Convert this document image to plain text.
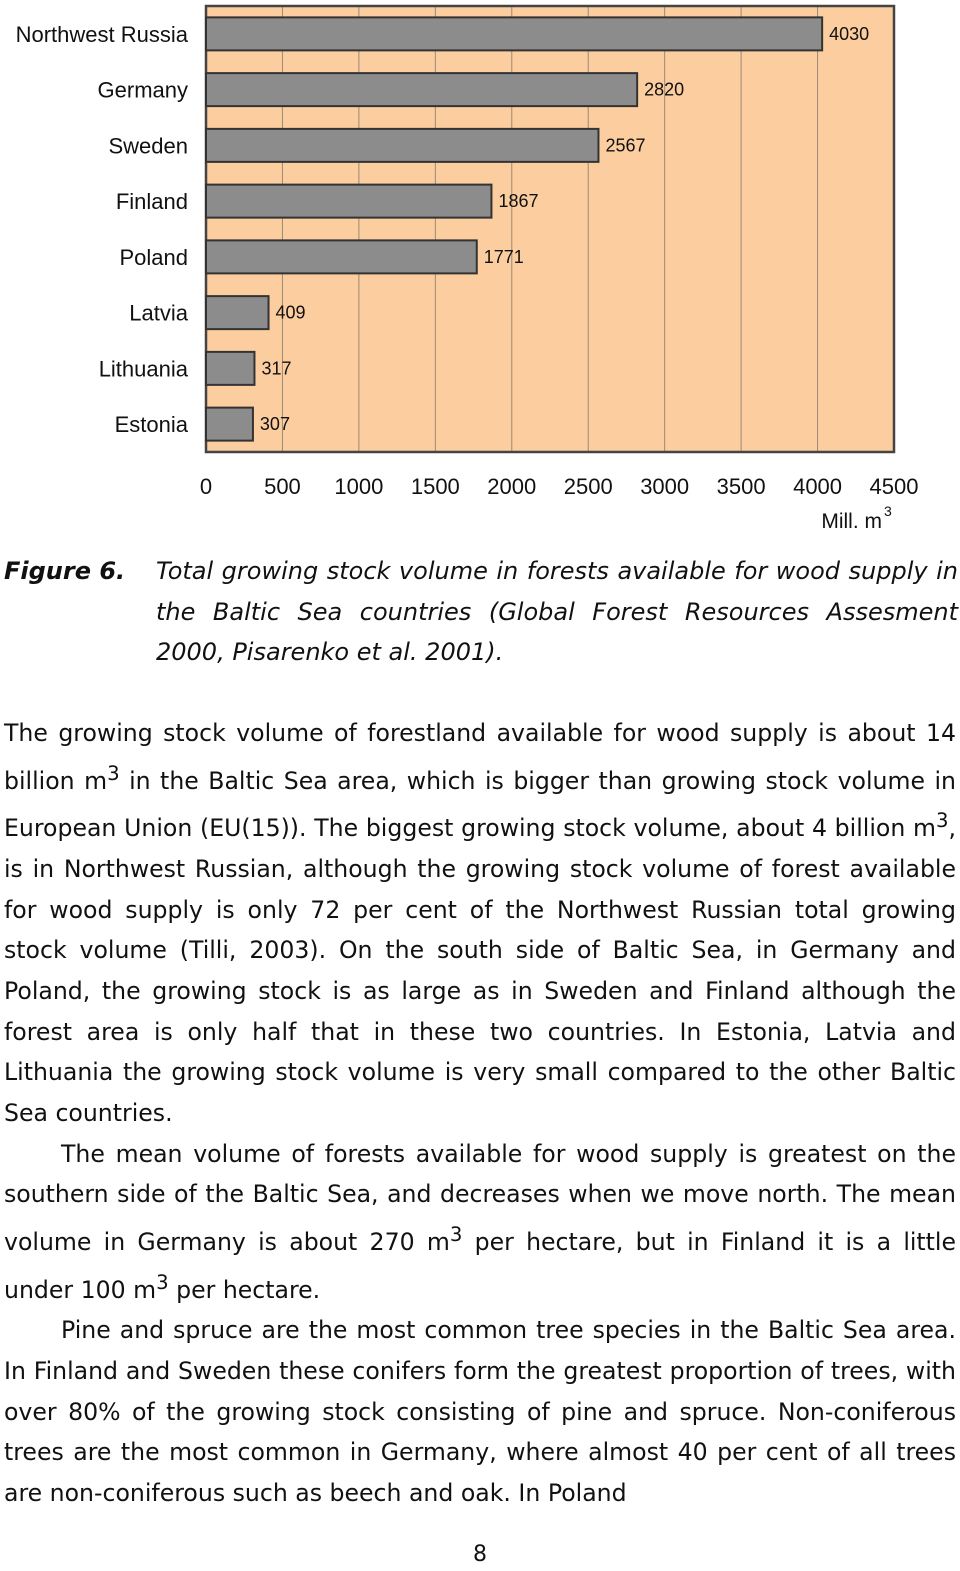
Northwest Russia	4030
Germany	2820
Sweden	2567
Finland	1867
Poland	1771
Latvia	409
Lithuania	317
Estonia	307
0 500 1000 1500 2000 2500 3000 3500 4000 4500
Mill. m 3
Figure 6. Total growing stock volume in forests available for wood supply in the Baltic Sea countries (Global Forest Resources Assesment 2000, Pisarenko et al. 2001).

The growing stock volume of forestland available for wood supply is about 14 billion $m^3$ in the Baltic Sea area, which is bigger than growing stock volume in European Union (EU(15)). The biggest growing stock volume, about 4 billion $m^3$, is in Northwest Russian, although the growing stock volume of forest available for wood supply is only 72 per cent of the Northwest Russian total growing stock volume (Tilli, 2003). On the south side of Baltic Sea, in Germany and Poland, the growing stock is as large as in Sweden and Finland although the forest area is only half that in these two countries. In Estonia, Latvia and Lithuania the growing stock volume is very small compared to the other Baltic Sea countries.

The mean volume of forests available for wood supply is greatest on the southern side of the Baltic Sea, and decreases when we move north. The mean volume in Germany is about 270 $m^3$ per hectare, but in Finland it is a little under 100 $m^3$ per hectare.

Pine and spruce are the most common tree species in the Baltic Sea area. In Finland and Sweden these conifers form the greatest proportion of trees, with over 80% of the growing stock consisting of pine and spruce. Non-coniferous trees are the most common in Germany, where almost 40 per cent of all trees are non-coniferous such as beech and oak. In Poland

8
